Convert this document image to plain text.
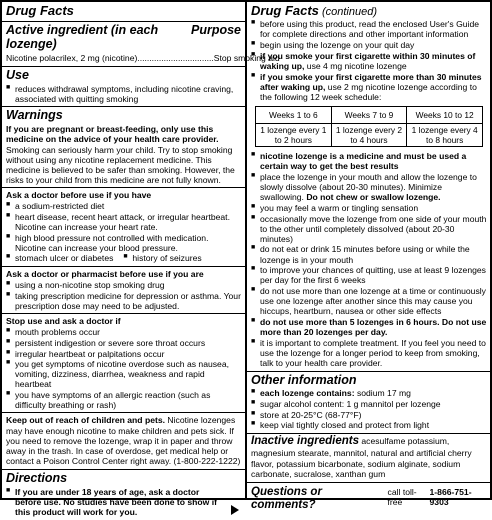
Drug Facts
Active ingredient (in each lozenge)
Purpose

Nicotine polacrilex, 2 mg (nicotine)................................Stop smoking aid

Use
■ reduces withdrawal symptoms, including nicotine craving, associated with quitting smoking
Warnings

If you are pregnant or breast-feeding, only use this medicine on the advice of your health care provider. Smoking can seriously harm your child. Try to stop smoking without using any nicotine replacement medicine. This medicine is believed to be safer than smoking. However, the risks to your child from this medicine are not fully known.

Ask a doctor before use if you have

■ a sodium-restricted diet
■ heart disease, recent heart attack, or irregular heartbeat. Nicotine can increase your heart rate.
■ high blood pressure not controlled with medication. Nicotine can increase your blood pressure.
■ stomach ulcer or diabetes	■ history of seizures

Ask a doctor or pharmacist before use if you are

■ using a non-nicotine stop smoking drug
■ taking prescription medicine for depression or asthma. Your prescription dose may need to be adjusted.

Stop use and ask a doctor if

■ mouth problems occur
■ persistent indigestion or severe sore throat occurs
■ irregular heartbeat or palpitations occur
■ you get symptoms of nicotine overdose such as nausea, vomiting, dizziness, diarrhea, weakness and rapid heartbeat
■ you have symptoms of an allergic reaction (such as difficulty breathing or rash)

Keep out of reach of children and pets. Nicotine lozenges may have enough nicotine to make children and pets sick. If you need to remove the lozenge, wrap it in paper and throw away in the trash. In case of overdose, get medical help or contact a Poison Control Center right away. (1-800-222-1222)

Directions
■ If you are under 18 years of age, ask a doctor before use. No studies have been done to show if this product will work for you.
Drug Facts (continued)
■ before using this product, read the enclosed User's Guide for complete directions and other important information
■ begin using the lozenge on your quit day
■ if you smoke your first cigarette within 30 minutes of waking up, use 4 mg nicotine lozenge
■ if you smoke your first cigarette more than 30 minutes after waking up, use 2 mg nicotine lozenge according to the following 12 week schedule:
Weeks 1 to 6	Weeks 7 to 9	Weeks 10 to 12
1 lozenge every 1 to 2 hours	1 lozenge every 2 to 4 hours	1 lozenge every 4 to 8 hours
■ nicotine lozenge is a medicine and must be used a certain way to get the best results
■ place the lozenge in your mouth and allow the lozenge to slowly dissolve (about 20-30 minutes). Minimize swallowing. Do not chew or swallow lozenge.
■ you may feel a warm or tingling sensation
■ occasionally move the lozenge from one side of your mouth to the other until completely dissolved (about 20-30 minutes)
■ do not eat or drink 15 minutes before using or while the lozenge is in your mouth
■ to improve your chances of quitting, use at least 9 lozenges per day for the first 6 weeks
■ do not use more than one lozenge at a time or continuously use one lozenge after another since this may cause you hiccups, heartburn, nausea or other side effects
■ do not use more than 5 lozenges in 6 hours. Do not use more than 20 lozenges per day.
■ it is important to complete treatment. If you feel you need to use the lozenge for a longer period to keep from smoking, talk to your health care provider.
Other information
■ each lozenge contains: sodium 17 mg
■ sugar alcohol content: 1 g mannitol per lozenge
■ store at 20-25°C (68-77°F)
■ keep vial tightly closed and protect from light

Inactive ingredients acesulfame potassium, magnesium stearate, mannitol, natural and artificial cherry flavor, potassium bicarbonate, sodium alginate, sodium carbonate, sucralose, xanthan gum

Questions or comments?
call toll-free
1-866-751-9303
